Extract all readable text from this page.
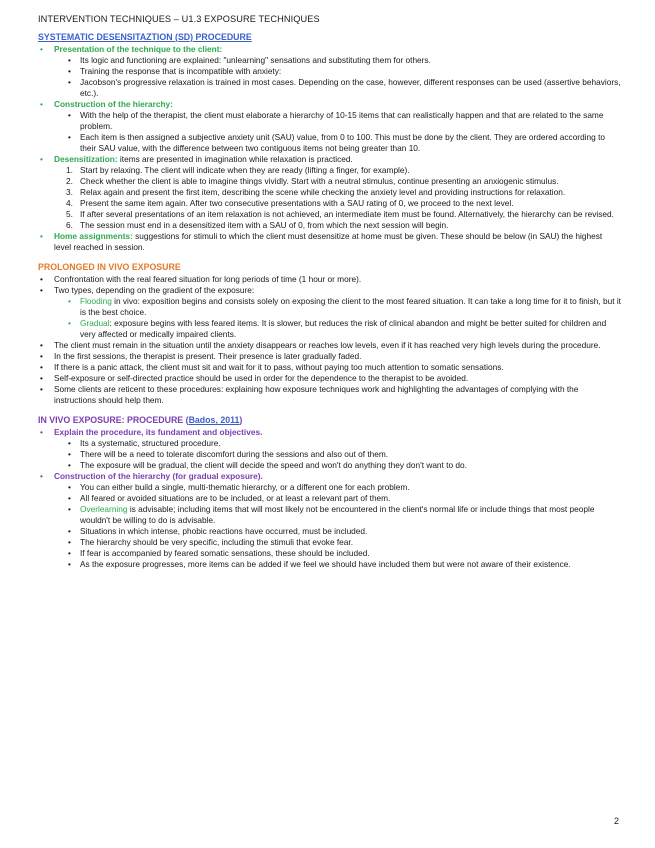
INTERVENTION TECHNIQUES – U1.3 EXPOSURE TECHNIQUES
SYSTEMATIC DESENSITAZTION (SD) PROCEDURE
• Presentation of the technique to the client:
• Its logic and functioning are explained: "unlearning" sensations and substituting them for others.
• Training the response that is incompatible with anxiety:
• Jacobson's progressive relaxation is trained in most cases. Depending on the case, however, different responses can be used (assertive behaviors, etc.).
• Construction of the hierarchy:
• With the help of the therapist, the client must elaborate a hierarchy of 10-15 items that can realistically happen and that are related to the same problem.
• Each item is then assigned a subjective anxiety unit (SAU) value, from 0 to 100. This must be done by the client. They are ordered according to their SAU value, with the difference between two contiguous items not being greater than 10.
• Desensitization: items are presented in imagination while relaxation is practiced.
1. Start by relaxing. The client will indicate when they are ready (lifting a finger, for example).
2. Check whether the client is able to imagine things vividly. Start with a neutral stimulus, continue presenting an anxiogenic stimulus.
3. Relax again and present the first item, describing the scene while checking the anxiety level and providing instructions for relaxation.
4. Present the same item again. After two consecutive presentations with a SAU rating of 0, we proceed to the next level.
5. If after several presentations of an item relaxation is not achieved, an intermediate item must be found. Alternatively, the hierarchy can be revised.
6. The session must end in a desensitized item with a SAU of 0, from which the next session will begin.
• Home assignments: suggestions for stimuli to which the client must desensitize at home must be given. These should be below (in SAU) the highest level reached in session.
PROLONGED IN VIVO EXPOSURE
• Confrontation with the real feared situation for long periods of time (1 hour or more).
• Two types, depending on the gradient of the exposure:
• Flooding in vivo: exposition begins and consists solely on exposing the client to the most feared situation. It can take a long time for it to finish, but it is the best choice.
• Gradual: exposure begins with less feared items. It is slower, but reduces the risk of clinical abandon and might be better suited for children and very affected or medically impaired clients.
• The client must remain in the situation until the anxiety disappears or reaches low levels, even if it has reached very high levels during the procedure.
• In the first sessions, the therapist is present. Their presence is later gradually faded.
• If there is a panic attack, the client must sit and wait for it to pass, without paying too much attention to somatic sensations.
• Self-exposure or self-directed practice should be used in order for the dependence to the therapist to be avoided.
• Some clients are reticent to these procedures: explaining how exposure techniques work and highlighting the advantages of complying with the instructions should help them.
IN VIVO EXPOSURE: PROCEDURE (Bados, 2011)
• Explain the procedure, its fundament and objectives.
• Its a systematic, structured procedure.
• There will be a need to tolerate discomfort during the sessions and also out of them.
• The exposure will be gradual, the client will decide the speed and won't do anything they don't want to do.
• Construction of the hierarchy (for gradual exposure).
• You can either build a single, multi-thematic hierarchy, or a different one for each problem.
• All feared or avoided situations are to be included, or at least a relevant part of them.
• Overlearning is advisable; including items that will most likely not be encountered in the client's normal life or include things that most people wouldn't be willing to do is advisable.
• Situations in which intense, phobic reactions have occurred, must be included.
• The hierarchy should be very specific, including the stimuli that evoke fear.
• If fear is accompanied by feared somatic sensations, these should be included.
• As the exposure progresses, more items can be added if we feel we should have included them but were not aware of their existence.
2
